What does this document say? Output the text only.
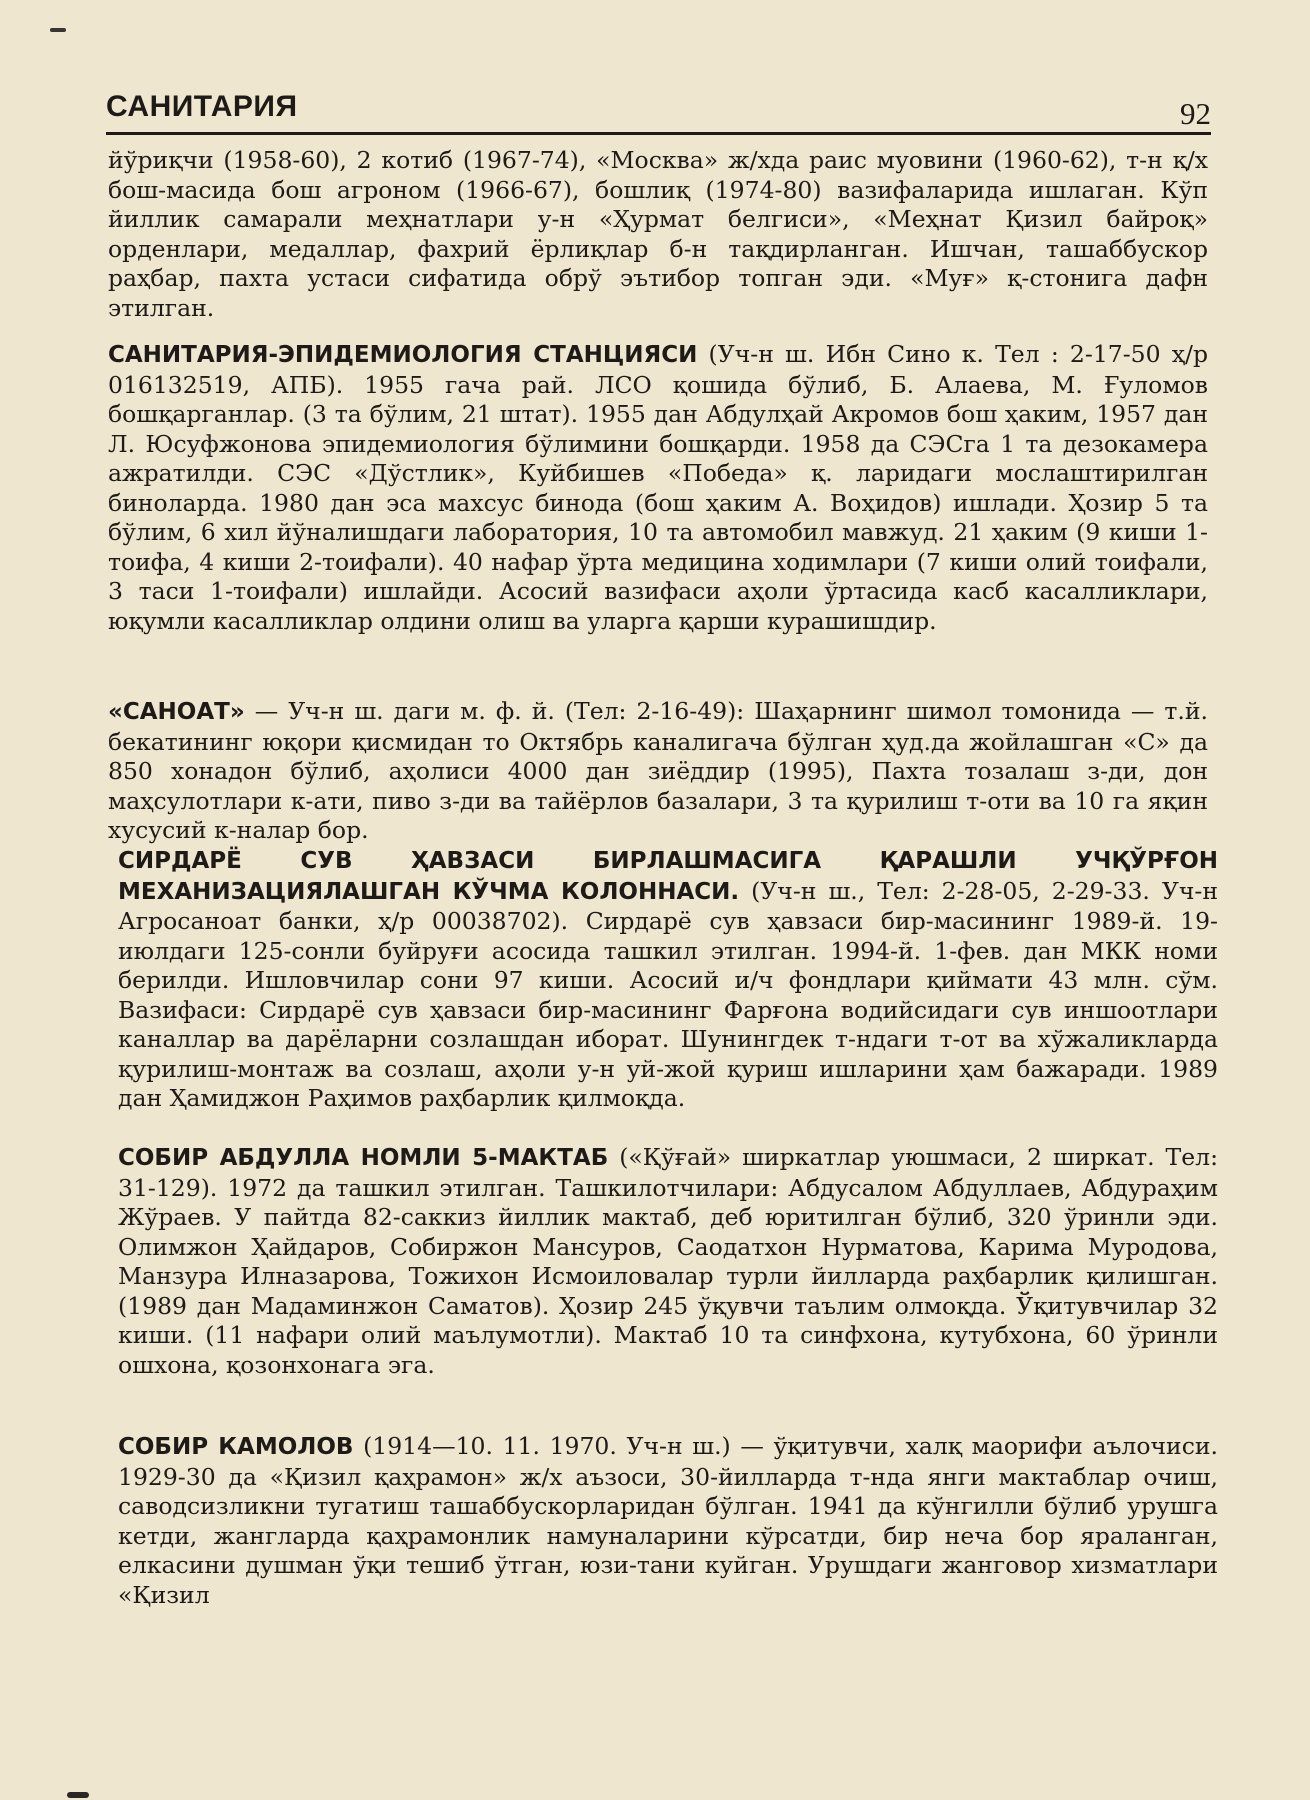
САНИТАРИЯ	92

йўриқчи (1958-60), 2 котиб (1967-74), «Москва» ж/хда раис муовини (1960-62), т-н қ/х бош-масида бош агроном (1966-67), бошлиқ (1974-80) вазифаларида ишлаган. Кўп йиллик самарали меҳнатлари у-н «Ҳурмат белгиси», «Меҳнат Қизил байроқ» орденлари, медаллар, фахрий ёрлиқлар б-н тақдирланган. Ишчан, ташаббускор раҳбар, пахта устаси сифатида обрў эътибор топган эди. «Муғ» қ-стонига дафн этилган.

САНИТАРИЯ-ЭПИДЕМИОЛОГИЯ СТАНЦИЯСИ (Уч-н ш. Ибн Сино к. Тел : 2-17-50 ҳ/р 016132519, АПБ). 1955 гача рай. ЛСО қошида бўлиб, Б. Алаева, М. Ғуломов бошқарганлар. (3 та бўлим, 21 штат). 1955 дан Абдулҳай Акромов бош ҳаким, 1957 дан Л. Юсуфжонова эпидемиология бўлимини бошқарди. 1958 да СЭСга 1 та дезокамера ажратилди. СЭС «Дўстлик», Куйбишев «Победа» қ. ларидаги мослаштирилган биноларда. 1980 дан эса махсус бинода (бош ҳаким А. Воҳидов) ишлади. Ҳозир 5 та бўлим, 6 хил йўналишдаги лаборатория, 10 та автомобил мавжуд. 21 ҳаким (9 киши 1-тоифа, 4 киши 2-тоифали). 40 нафар ўрта медицина ходимлари (7 киши олий тоифали, 3 таси 1-тоифали) ишлайди. Асосий вазифаси аҳоли ўртасида касб касалликлари, юқумли касалликлар олдини олиш ва уларга қарши курашишдир.

«САНОАТ» — Уч-н ш. даги м. ф. й. (Тел: 2-16-49): Шаҳарнинг шимол томонида — т.й. бекатининг юқори қисмидан то Октябрь каналигача бўлган ҳуд.да жойлашган «С» да 850 хонадон бўлиб, аҳолиси 4000 дан зиёддир (1995), Пахта тозалаш з-ди, дон маҳсулотлари к-ати, пиво з-ди ва тайёрлов базалари, 3 та қурилиш т-оти ва 10 га яқин хусусий к-налар бор.

СИРДАРЁ СУВ ҲАВЗАСИ БИРЛАШМАСИГА ҚАРАШЛИ УЧҚЎРҒОН МЕХАНИЗАЦИЯЛАШГАН КЎЧМА КОЛОННАСИ. (Уч-н ш., Тел: 2-28-05, 2-29-33. Уч-н Агросаноат банки, ҳ/р 00038702). Сирдарё сув ҳавзаси бир-масининг 1989-й. 19-июлдаги 125-сонли буйруғи асосида ташкил этилган. 1994-й. 1-фев. дан МКК номи берилди. Ишловчилар сони 97 киши. Асосий и/ч фондлари қиймати 43 млн. сўм. Вазифаси: Сирдарё сув ҳавзаси бир-масининг Фарғона водийсидаги сув иншоотлари каналлар ва дарёларни созлашдан иборат. Шунингдек т-ндаги т-от ва хўжаликларда қурилиш-монтаж ва созлаш, аҳоли у-н уй-жой қуриш ишларини ҳам бажаради. 1989 дан Ҳамиджон Раҳимов раҳбарлик қилмоқда.

СОБИР АБДУЛЛА НОМЛИ 5-МАКТАБ («Қўғай» ширкатлар уюшмаси, 2 ширкат. Тел: 31-129). 1972 да ташкил этилган. Ташкилотчилари: Абдусалом Абдуллаев, Абдураҳим Жўраев. У пайтда 82-саккиз йиллик мактаб, деб юритилган бўлиб, 320 ўринли эди. Олимжон Ҳайдаров, Собиржон Мансуров, Саодатхон Нурматова, Карима Муродова, Манзура Илназарова, Тожихон Исмоиловалар турли йилларда раҳбарлик қилишган. (1989 дан Мадаминжон Саматов). Ҳозир 245 ўқувчи таълим олмоқда. Ўқитувчилар 32 киши. (11 нафари олий маълумотли). Мактаб 10 та синфхона, кутубхона, 60 ўринли ошхона, қозонхонага эга.

СОБИР КАМОЛОВ (1914—10. 11. 1970. Уч-н ш.) — ўқитувчи, халқ маорифи аълочиси. 1929-30 да «Қизил қаҳрамон» ж/х аъзоси, 30-йилларда т-нда янги мактаблар очиш, саводсизликни тугатиш ташаббускорларидан бўлган. 1941 да кўнгилли бўлиб урушга кетди, жангларда қаҳрамонлик намуналарини кўрсатди, бир неча бор яраланган, елкасини душман ўқи тешиб ўтган, юзи-тани куйган. Урушдаги жанговор хизматлари «Қизил
